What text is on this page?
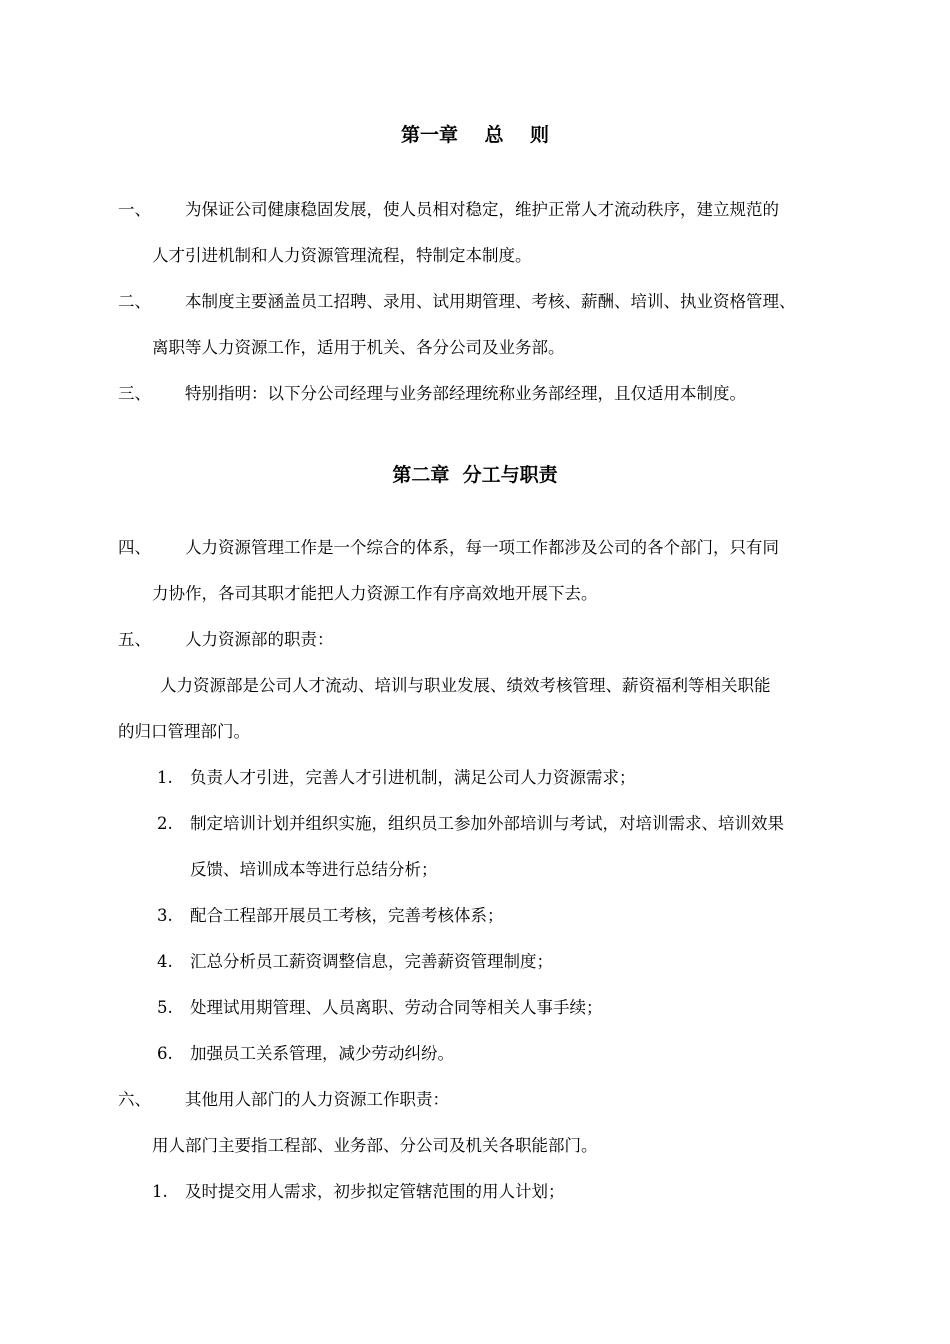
第一章    总    则
一、 为保证公司健康稳固发展，使人员相对稳定，维护正常人才流动秩序，建立规范的
人才引进机制和人力资源管理流程，特制定本制度。
二、 本制度主要涵盖员工招聘、录用、试用期管理、考核、薪酬、培训、执业资格管理、
离职等人力资源工作，适用于机关、各分公司及业务部。
三、 特别指明：以下分公司经理与业务部经理统称业务部经理，且仅适用本制度。
第二章  分工与职责
四、 人力资源管理工作是一个综合的体系，每一项工作都涉及公司的各个部门，只有同
力协作，各司其职才能把人力资源工作有序高效地开展下去。
五、 人力资源部的职责：
人力资源部是公司人才流动、培训与职业发展、绩效考核管理、薪资福利等相关职能
的归口管理部门。
1. 负责人才引进，完善人才引进机制，满足公司人力资源需求；
2. 制定培训计划并组织实施，组织员工参加外部培训与考试，对培训需求、培训效果
反馈、培训成本等进行总结分析；
3. 配合工程部开展员工考核，完善考核体系；
4. 汇总分析员工薪资调整信息，完善薪资管理制度；
5. 处理试用期管理、人员离职、劳动合同等相关人事手续；
6. 加强员工关系管理，减少劳动纠纷。
六、 其他用人部门的人力资源工作职责：
用人部门主要指工程部、业务部、分公司及机关各职能部门。
1. 及时提交用人需求，初步拟定管辖范围的用人计划；
